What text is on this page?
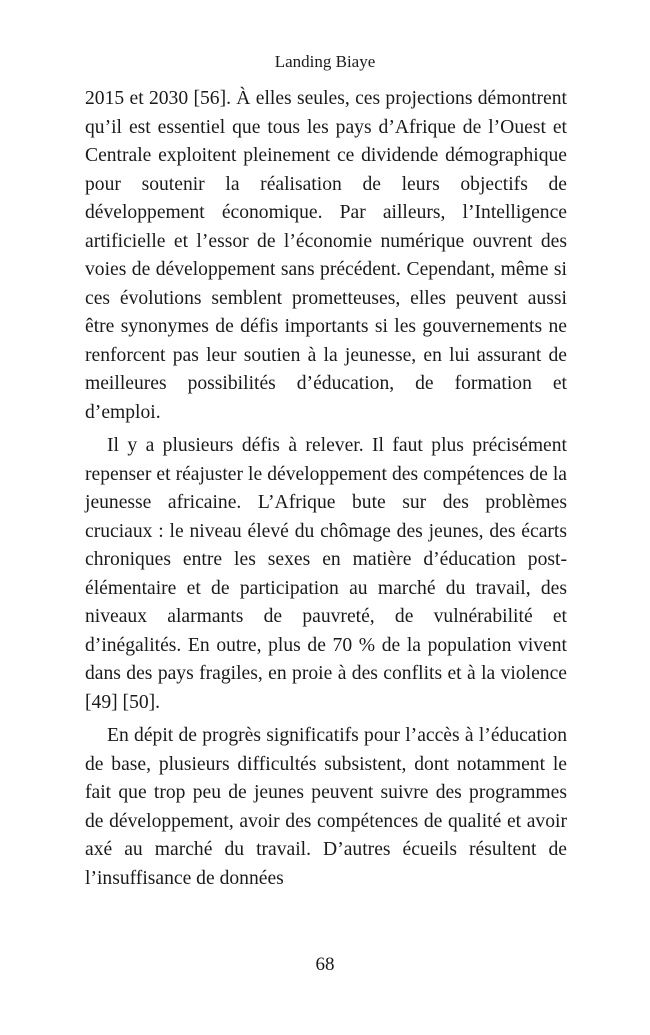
Landing Biaye

2015 et 2030 [56]. À elles seules, ces projections démontrent qu’il est essentiel que tous les pays d’Afrique de l’Ouest et Centrale exploitent pleinement ce dividende démographique pour soutenir la réalisation de leurs objectifs de développement économique. Par ailleurs, l’Intelligence artificielle et l’essor de l’économie numérique ouvrent des voies de développement sans précédent. Cependant, même si ces évolutions semblent prometteuses, elles peuvent aussi être synonymes de défis importants si les gouvernements ne renforcent pas leur soutien à la jeunesse, en lui assurant de meilleures possibilités d’éducation, de formation et d’emploi.

Il y a plusieurs défis à relever. Il faut plus précisément repenser et réajuster le développement des compétences de la jeunesse africaine. L’Afrique bute sur des problèmes cruciaux : le niveau élevé du chômage des jeunes, des écarts chroniques entre les sexes en matière d’éducation post-élémentaire et de participation au marché du travail, des niveaux alarmants de pauvreté, de vulnérabilité et d’inégalités. En outre, plus de 70 % de la population vivent dans des pays fragiles, en proie à des conflits et à la violence [49] [50].

En dépit de progrès significatifs pour l’accès à l’éducation de base, plusieurs difficultés subsistent, dont notamment le fait que trop peu de jeunes peuvent suivre des programmes de développement, avoir des compétences de qualité et avoir axé au marché du travail. D’autres écueils résultent de l’insuffisance de données

68
